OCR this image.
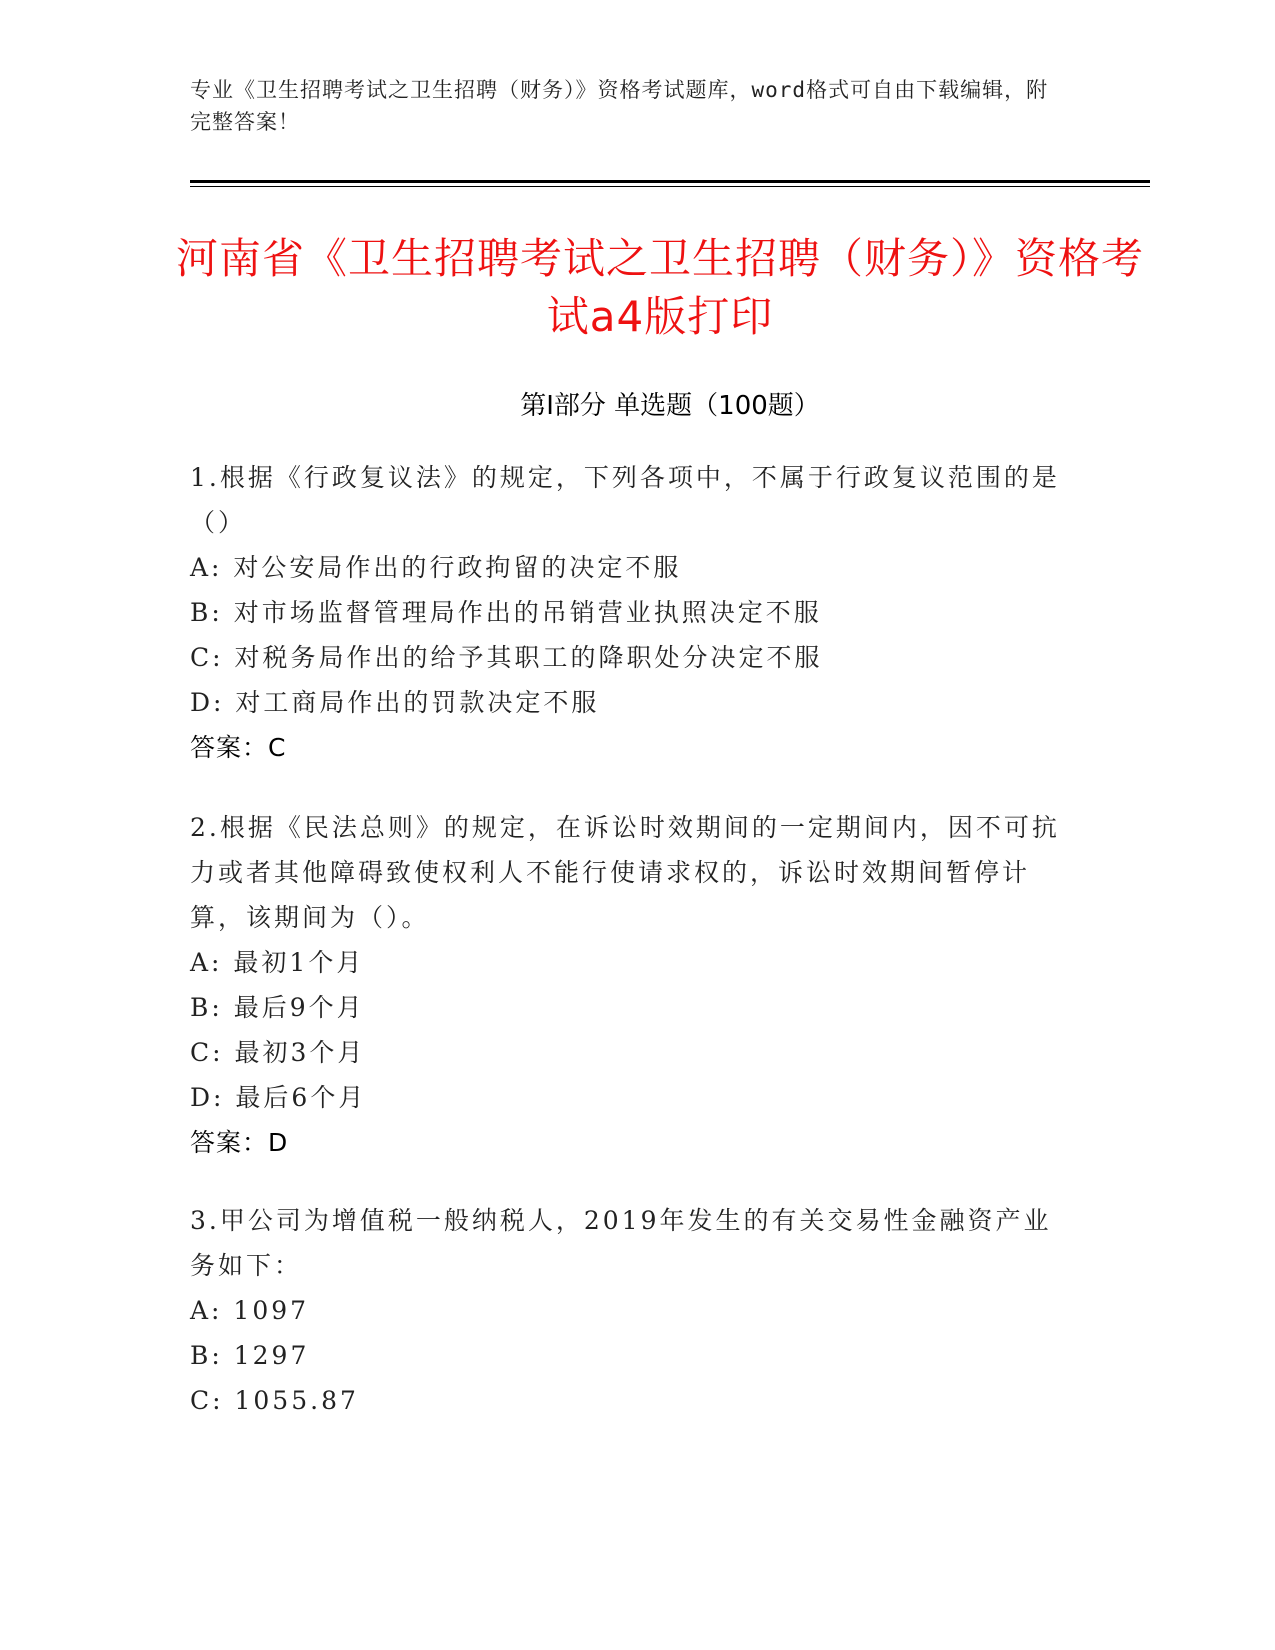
专业《卫生招聘考试之卫生招聘（财务）》资格考试题库，word格式可自由下载编辑，附完整答案！
河南省《卫生招聘考试之卫生招聘（财务）》资格考试a4版打印
第Ⅰ部分 单选题（100题）
1.根据《行政复议法》的规定，下列各项中，不属于行政复议范围的是（）
A: 对公安局作出的行政拘留的决定不服
B: 对市场监督管理局作出的吊销营业执照决定不服
C: 对税务局作出的给予其职工的降职处分决定不服
D: 对工商局作出的罚款决定不服
答案：C
2.根据《民法总则》的规定，在诉讼时效期间的一定期间内，因不可抗力或者其他障碍致使权利人不能行使请求权的，诉讼时效期间暂停计算，该期间为（）。
A: 最初1个月
B: 最后9个月
C: 最初3个月
D: 最后6个月
答案：D
3.甲公司为增值税一般纳税人，2019年发生的有关交易性金融资产业务如下：
A: 1097
B: 1297
C: 1055.87
